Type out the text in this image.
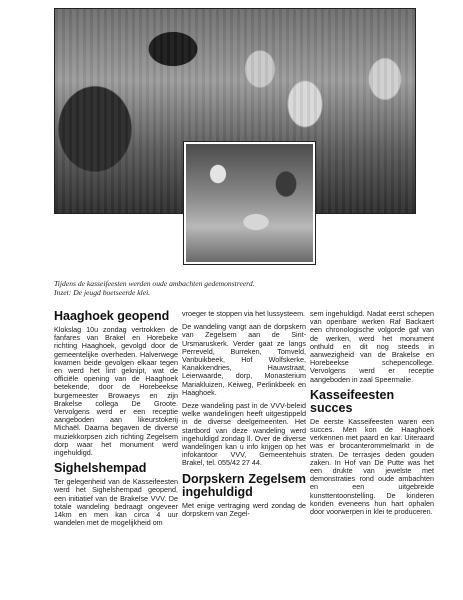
Tijdens de kasseifeesten werden oude ambachten gedemonstreerd.
Inzet: De jeugd boetseerde klei.
Haaghoek geopend

Klokslag 10u zondag vertrokken de fanfares van Brakel en Horebeke richting Haaghoek, gevolgd door de gemeentelijke overheden. Halverwege kwamen beide gevolgen elkaar tegen en werd het lint geknipt, wat de officiële opening van de Haaghoek betekende, door de Horebeekse burgemeester Browaeys en zijn Brakelse collega De Groote. Vervolgens werd er een receptie aangeboden aan likeurstokerij Michaël. Daarna begaven de diverse muziekkorpsen zich richting Zegelsem dorp waar het monument werd ingehuldigd.

Sighelshempad

Ter gelegenheid van de Kasseifeesten werd het Sighelshempad geopend, een initiatief van de Brakelse VVV. De totale wandeling bedraagt ongeveer 14km en men kan circa 4 uur wandelen met de mogelijkheid om

vroeger te stoppen via het lussysteem.

De wandeling vangt aan de dorpskern van Zegelsem aan de Sint-Ursmaruskerk. Verder gaat ze langs Perreveld, Burreken, Tomveld, Vanbuikbeek, Hof Wolfskerke, Kanakkendries, Hauwstraat, Leierwaarde, dorp, Monasterium Mariakluizen, Keiweg, Perlinkbeek en Haaghoek.

Deze wandeling past in de VVV-beleid welke wandelingen heeft uitgestippeld in de diverse deelgemeenten. Het startbord van deze wandeling werd ingehuldigd zondag ll. Over de diverse wandelingen kan u info krijgen op het infokantoor VVV, Gemeentehuis Brakel, tel. 055/42 27 44.

Dorpskern Zegelsem ingehuldigd

Met enige vertraging werd zondag de dorpskern van Zegel-

sem ingehuldigd. Nadat eerst schepen van openbare werken Raf Backaert een chronologische volgorde gaf van de werken, werd het monument onthuld en dit nog steeds in aanwezigheid van de Brakelse en Horebeekse schepencollege. Vervolgens werd er receptie aangeboden in zaal Speermalie.

Kasseifeesten succes

De eerste Kasseifeesten waren een succes. Men kon de Haaghoek verkennen met paard en kar. Uiteraard was er brocanterommelmarkt in de straten. De terrasjes deden gouden zaken. In Hof van De Putte was het een drukte van jewelste met demonstraties rond oude ambachten en een uitgebreide kunsttentoonstelling. De kinderen konden eveneens hun hart ophalen door voorwerpen in klei te produceren.
